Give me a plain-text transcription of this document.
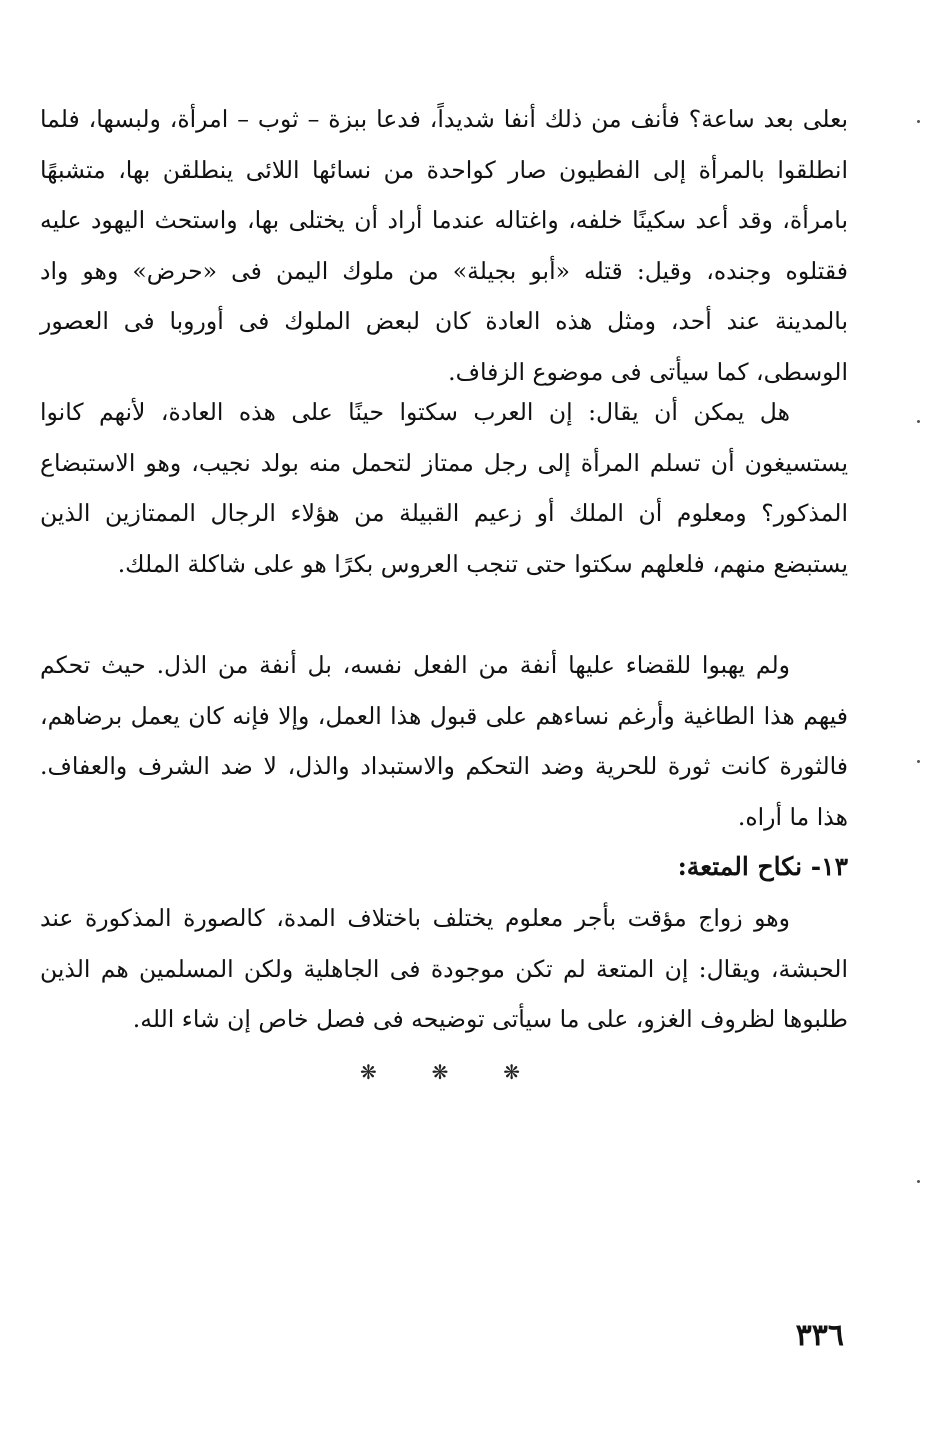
بعلى بعد ساعة؟ فأنف من ذلك أنفا شديداً، فدعا ببزة – ثوب – امرأة، ولبسها، فلما انطلقوا بالمرأة إلى الفطيون صار كواحدة من نسائها اللائى ينطلقن بها، متشبهًا بامرأة، وقد أعد سكينًا خلفه، واغتاله عندما أراد أن يختلى بها، واستحث اليهود عليه فقتلوه وجنده، وقيل: قتله «أبو بجيلة» من ملوك اليمن فى «حرض» وهو واد بالمدينة عند أحد، ومثل هذه العادة كان لبعض الملوك فى أوروبا فى العصور الوسطى، كما سيأتى فى موضوع الزفاف.

هل يمكن أن يقال: إن العرب سكتوا حينًا على هذه العادة، لأنهم كانوا يستسيغون أن تسلم المرأة إلى رجل ممتاز لتحمل منه بولد نجيب، وهو الاستبضاع المذكور؟ ومعلوم أن الملك أو زعيم القبيلة من هؤلاء الرجال الممتازين الذين يستبضع منهم، فلعلهم سكتوا حتى تنجب العروس بكرًا هو على شاكلة الملك.

ولم يهبوا للقضاء عليها أنفة من الفعل نفسه، بل أنفة من الذل. حيث تحكم فيهم هذا الطاغية وأرغم نساءهم على قبول هذا العمل، وإلا فإنه كان يعمل برضاهم، فالثورة كانت ثورة للحرية وضد التحكم والاستبداد والذل، لا ضد الشرف والعفاف. هذا ما أراه.

١٣- نكاح المتعة:

وهو زواج مؤقت بأجر معلوم يختلف باختلاف المدة، كالصورة المذكورة عند الحبشة، ويقال: إن المتعة لم تكن موجودة فى الجاهلية ولكن المسلمين هم الذين طلبوها لظروف الغزو، على ما سيأتى توضيحه فى فصل خاص إن شاء الله.

❋	❋	❋
٣٣٦
